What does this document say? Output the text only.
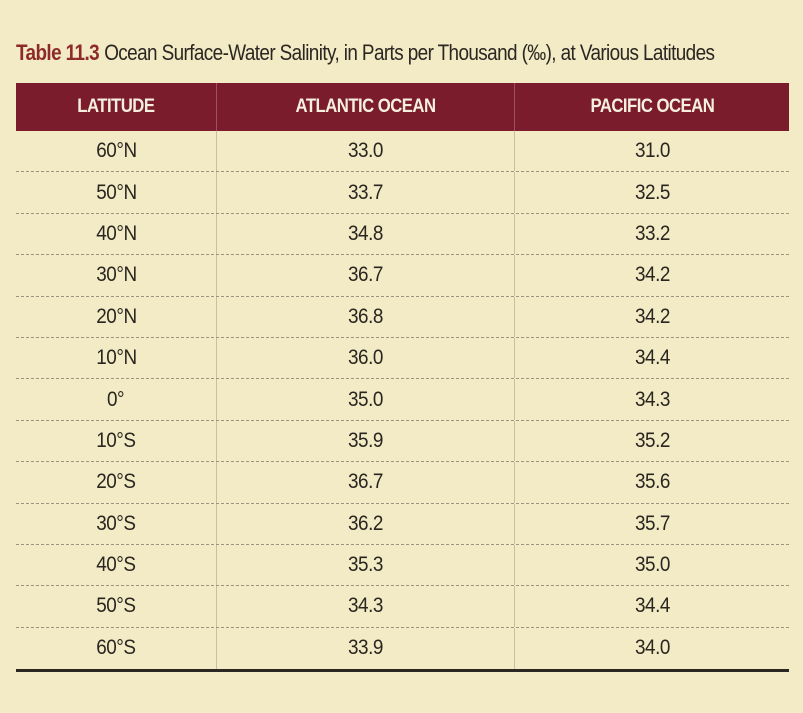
Table 11.3 Ocean Surface-Water Salinity, in Parts per Thousand (‰), at Various Latitudes
LATITUDE	ATLANTIC OCEAN	PACIFIC OCEAN
60°N	33.0	31.0
50°N	33.7	32.5
40°N	34.8	33.2
30°N	36.7	34.2
20°N	36.8	34.2
10°N	36.0	34.4
0°	35.0	34.3
10°S	35.9	35.2
20°S	36.7	35.6
30°S	36.2	35.7
40°S	35.3	35.0
50°S	34.3	34.4
60°S	33.9	34.0
